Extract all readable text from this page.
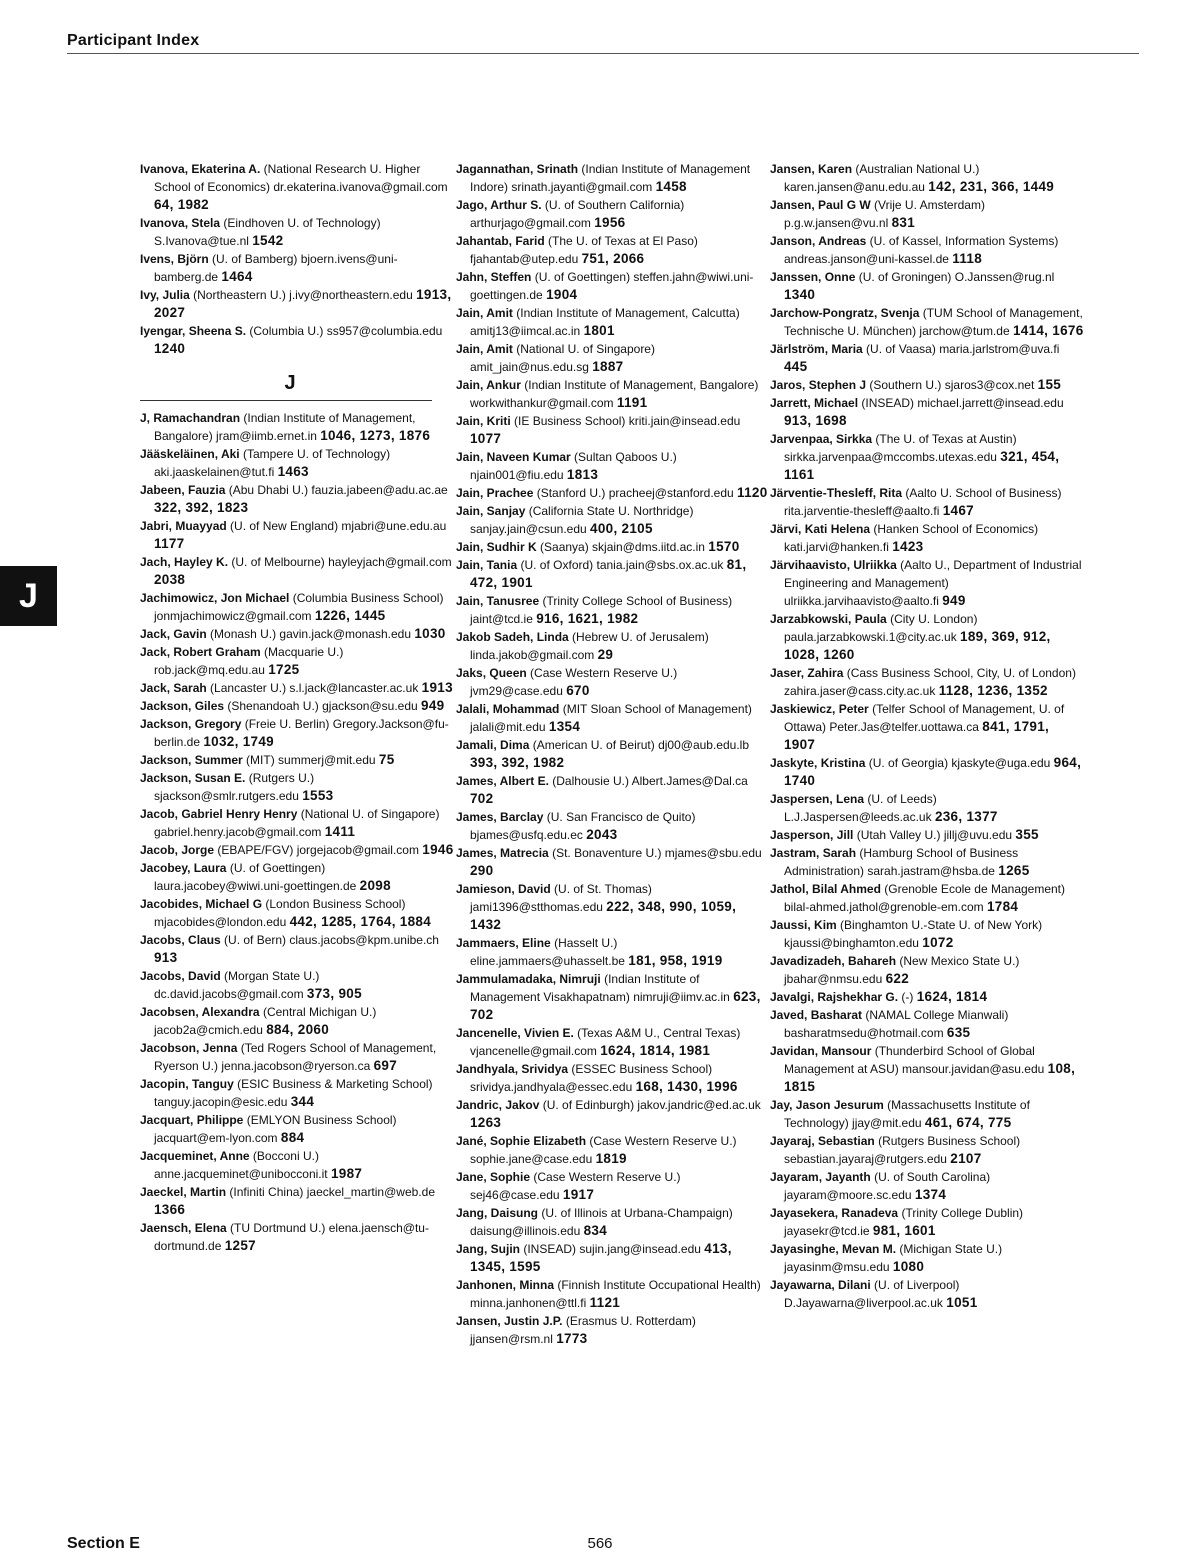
Participant Index
J
Ivanova, Ekaterina A. (National Research U. Higher School of Economics) dr.ekaterina.ivanova@gmail.com 64, 1982
Ivanova, Stela (Eindhoven U. of Technology) S.Ivanova@tue.nl 1542
Ivens, Björn (U. of Bamberg) bjoern.ivens@uni-bamberg.de 1464
Ivy, Julia (Northeastern U.) j.ivy@northeastern.edu 1913, 2027
Iyengar, Sheena S. (Columbia U.) ss957@columbia.edu 1240
J
J, Ramachandran (Indian Institute of Management, Bangalore) jram@iimb.ernet.in 1046, 1273, 1876
Jääskeläinen, Aki (Tampere U. of Technology) aki.jaaskelainen@tut.fi 1463
Jabeen, Fauzia (Abu Dhabi U.) fauzia.jabeen@adu.ac.ae 322, 392, 1823
Jabri, Muayyad (U. of New England) mjabri@une.edu.au 1177
Jach, Hayley K. (U. of Melbourne) hayleyjach@gmail.com 2038
Jachimowicz, Jon Michael (Columbia Business School) jonmjachimowicz@gmail.com 1226, 1445
Jack, Gavin (Monash U.) gavin.jack@monash.edu 1030
Jack, Robert Graham (Macquarie U.) rob.jack@mq.edu.au 1725
Jack, Sarah (Lancaster U.) s.l.jack@lancaster.ac.uk 1913
Jackson, Giles (Shenandoah U.) gjackson@su.edu 949
Jackson, Gregory (Freie U. Berlin) Gregory.Jackson@fu-berlin.de 1032, 1749
Jackson, Summer (MIT) summerj@mit.edu 75
Jackson, Susan E. (Rutgers U.) sjackson@smlr.rutgers.edu 1553
Jacob, Gabriel Henry Henry (National U. of Singapore) gabriel.henry.jacob@gmail.com 1411
Jacob, Jorge (EBAPE/FGV) jorgejacob@gmail.com 1946
Jacobey, Laura (U. of Goettingen) laura.jacobey@wiwi.uni-goettingen.de 2098
Jacobides, Michael G (London Business School) mjacobides@london.edu 442, 1285, 1764, 1884
Jacobs, Claus (U. of Bern) claus.jacobs@kpm.unibe.ch 913
Jacobs, David (Morgan State U.) dc.david.jacobs@gmail.com 373, 905
Jacobsen, Alexandra (Central Michigan U.) jacob2a@cmich.edu 884, 2060
Jacobson, Jenna (Ted Rogers School of Management, Ryerson U.) jenna.jacobson@ryerson.ca 697
Jacopin, Tanguy (ESIC Business & Marketing School) tanguy.jacopin@esic.edu 344
Jacquart, Philippe (EMLYON Business School) jacquart@em-lyon.com 884
Jacqueminet, Anne (Bocconi U.) anne.jacqueminet@unibocconi.it 1987
Jaeckel, Martin (Infiniti China) jaeckel_martin@web.de 1366
Jaensch, Elena (TU Dortmund U.) elena.jaensch@tu-dortmund.de 1257
Jagannathan, Srinath (Indian Institute of Management Indore) srinath.jayanti@gmail.com 1458
Jago, Arthur S. (U. of Southern California) arthurjago@gmail.com 1956
Jahantab, Farid (The U. of Texas at El Paso) fjahantab@utep.edu 751, 2066
Jahn, Steffen (U. of Goettingen) steffen.jahn@wiwi.uni-goettingen.de 1904
Jain, Amit (Indian Institute of Management, Calcutta) amitj13@iimcal.ac.in 1801
Jain, Amit (National U. of Singapore) amit_jain@nus.edu.sg 1887
Jain, Ankur (Indian Institute of Management, Bangalore) workwithankur@gmail.com 1191
Jain, Kriti (IE Business School) kriti.jain@insead.edu 1077
Jain, Naveen Kumar (Sultan Qaboos U.) njain001@fiu.edu 1813
Jain, Prachee (Stanford U.) pracheej@stanford.edu 1120
Jain, Sanjay (California State U. Northridge) sanjay.jain@csun.edu 400, 2105
Jain, Sudhir K (Saanya) skjain@dms.iitd.ac.in 1570
Jain, Tania (U. of Oxford) tania.jain@sbs.ox.ac.uk 81, 472, 1901
Jain, Tanusree (Trinity College School of Business) jaint@tcd.ie 916, 1621, 1982
Jakob Sadeh, Linda (Hebrew U. of Jerusalem) linda.jakob@gmail.com 29
Jaks, Queen (Case Western Reserve U.) jvm29@case.edu 670
Jalali, Mohammad (MIT Sloan School of Management) jalali@mit.edu 1354
Jamali, Dima (American U. of Beirut) dj00@aub.edu.lb 393, 392, 1982
James, Albert E. (Dalhousie U.) Albert.James@Dal.ca 702
James, Barclay (U. San Francisco de Quito) bjames@usfq.edu.ec 2043
James, Matrecia (St. Bonaventure U.) mjames@sbu.edu 290
Jamieson, David (U. of St. Thomas) jami1396@stthomas.edu 222, 348, 990, 1059, 1432
Jammaers, Eline (Hasselt U.) eline.jammaers@uhasselt.be 181, 958, 1919
Jammulamadaka, Nimruji (Indian Institute of Management Visakhapatnam) nimruji@iimv.ac.in 623, 702
Jancenelle, Vivien E. (Texas A&M U., Central Texas) vjancenelle@gmail.com 1624, 1814, 1981
Jandhyala, Srividya (ESSEC Business School) srividya.jandhyala@essec.edu 168, 1430, 1996
Jandric, Jakov (U. of Edinburgh) jakov.jandric@ed.ac.uk 1263
Jané, Sophie Elizabeth (Case Western Reserve U.) sophie.jane@case.edu 1819
Jane, Sophie (Case Western Reserve U.) sej46@case.edu 1917
Jang, Daisung (U. of Illinois at Urbana-Champaign) daisung@illinois.edu 834
Jang, Sujin (INSEAD) sujin.jang@insead.edu 413, 1345, 1595
Janhonen, Minna (Finnish Institute Occupational Health) minna.janhonen@ttl.fi 1121
Jansen, Justin J.P. (Erasmus U. Rotterdam) jjansen@rsm.nl 1773
Jansen, Karen (Australian National U.) karen.jansen@anu.edu.au 142, 231, 366, 1449
Jansen, Paul G W (Vrije U. Amsterdam) p.g.w.jansen@vu.nl 831
Janson, Andreas (U. of Kassel, Information Systems) andreas.janson@uni-kassel.de 1118
Janssen, Onne (U. of Groningen) O.Janssen@rug.nl 1340
Jarchow-Pongratz, Svenja (TUM School of Management, Technische U. München) jarchow@tum.de 1414, 1676
Järlström, Maria (U. of Vaasa) maria.jarlstrom@uva.fi 445
Jaros, Stephen J (Southern U.) sjaros3@cox.net 155
Jarrett, Michael (INSEAD) michael.jarrett@insead.edu 913, 1698
Jarvenpaa, Sirkka (The U. of Texas at Austin) sirkka.jarvenpaa@mccombs.utexas.edu 321, 454, 1161
Järventie-Thesleff, Rita (Aalto U. School of Business) rita.jarventie-thesleff@aalto.fi 1467
Järvi, Kati Helena (Hanken School of Economics) kati.jarvi@hanken.fi 1423
Järvihaavisto, Ulriikka (Aalto U., Department of Industrial Engineering and Management) ulriikka.jarvihaavisto@aalto.fi 949
Jarzabkowski, Paula (City U. London) paula.jarzabkowski.1@city.ac.uk 189, 369, 912, 1028, 1260
Jaser, Zahira (Cass Business School, City, U. of London) zahira.jaser@cass.city.ac.uk 1128, 1236, 1352
Jaskiewicz, Peter (Telfer School of Management, U. of Ottawa) Peter.Jas@telfer.uottawa.ca 841, 1791, 1907
Jaskyte, Kristina (U. of Georgia) kjaskyte@uga.edu 964, 1740
Jaspersen, Lena (U. of Leeds) L.J.Jaspersen@leeds.ac.uk 236, 1377
Jasperson, Jill (Utah Valley U.) jillj@uvu.edu 355
Jastram, Sarah (Hamburg School of Business Administration) sarah.jastram@hsba.de 1265
Jathol, Bilal Ahmed (Grenoble Ecole de Management) bilal-ahmed.jathol@grenoble-em.com 1784
Jaussi, Kim (Binghamton U.-State U. of New York) kjaussi@binghamton.edu 1072
Javadizadeh, Bahareh (New Mexico State U.) jbahar@nmsu.edu 622
Javalgi, Rajshekhar G. (-) 1624, 1814
Javed, Basharat (NAMAL College Mianwali) basharatmsedu@hotmail.com 635
Javidan, Mansour (Thunderbird School of Global Management at ASU) mansour.javidan@asu.edu 108, 1815
Jay, Jason Jesurum (Massachusetts Institute of Technology) jjay@mit.edu 461, 674, 775
Jayaraj, Sebastian (Rutgers Business School) sebastian.jayaraj@rutgers.edu 2107
Jayaram, Jayanth (U. of South Carolina) jayaram@moore.sc.edu 1374
Jayasekera, Ranadeva (Trinity College Dublin) jayasekr@tcd.ie 981, 1601
Jayasinghe, Mevan M. (Michigan State U.) jayasinm@msu.edu 1080
Jayawarna, Dilani (U. of Liverpool) D.Jayawarna@liverpool.ac.uk 1051
Section E	566
